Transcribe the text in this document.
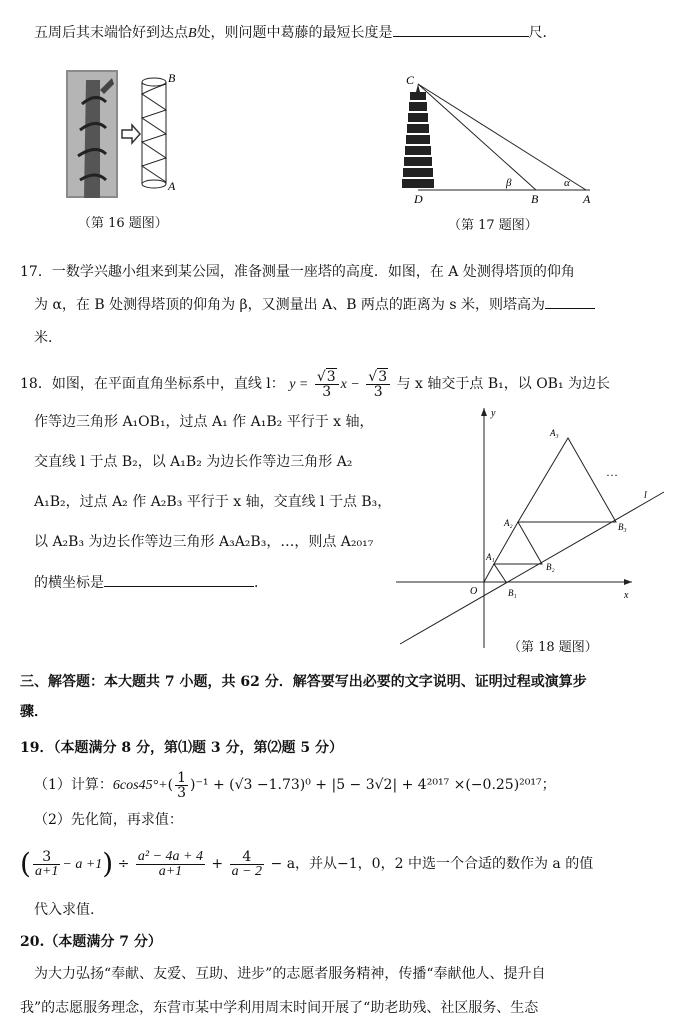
五周后其末端恰好到达点B处，则问题中葛藤的最短长度是	尺．
B
A
（第 16 题图）
C
β	α
D	B	A
（第 17 题图）
17．一数学兴趣小组来到某公园，准备测量一座塔的高度．如图，在 A 处测得塔顶的仰角
为 α，在 B 处测得塔顶的仰角为 β，又测量出 A、B 两点的距离为 s 米，则塔高为
米．
18．如图，在平面直角坐标系中，直线 l： $y = \frac{√3}{3}$ $x - \frac{√3}{3}$ 与 x 轴交于点 B₁，以 OB₁ 为边长
作等边三角形 A₁OB₁，过点 A₁ 作 A₁B₂ 平行于 x 轴，
交直线 l 于点 B₂，以 A₁B₂ 为边长作等边三角形 A₂
A₁B₂，过点 A₂ 作 A₂B₃ 平行于 x 轴，交直线 l 于点 B₃，
以 A₂B₃ 为边长作等边三角形 A₃A₂B₃，…，则点 A₂₀₁₇
的横坐标是	．
y
x
O
l
A₁
A₂
A₃
B₁
B₂
B₃
…
（第 18 题图）
三、解答题：本大题共 7 小题，共 62 分．解答要写出必要的文字说明、证明过程或演算步
骤．
19．（本题满分 8 分，第⑴题 3 分，第⑵题 5 分）
（1）计算：$6\cos 45^\circ+( \frac{1}{3} )^{-1} + (√3 -1.73)^0 + |5 - 3√2| + 4^{2017} \times(-0.25)^{2017}$；
（2）先化简，再求值：
( $\frac{3}{a+1} - a +1) \div \frac{\text{a² − 4a + 4}}{a+1} + \frac{4}{a - 2} - a$，并从−1，0，2 中选一个合适的数作为 a 的值
代入求值.
20.（本题满分 7 分）
为大力弘扬“奉献、友爱、互助、进步”的志愿者服务精神，传播“奉献他人、提升自
我”的志愿服务理念，东营市某中学利用周末时间开展了“助老助残、社区服务、生态
